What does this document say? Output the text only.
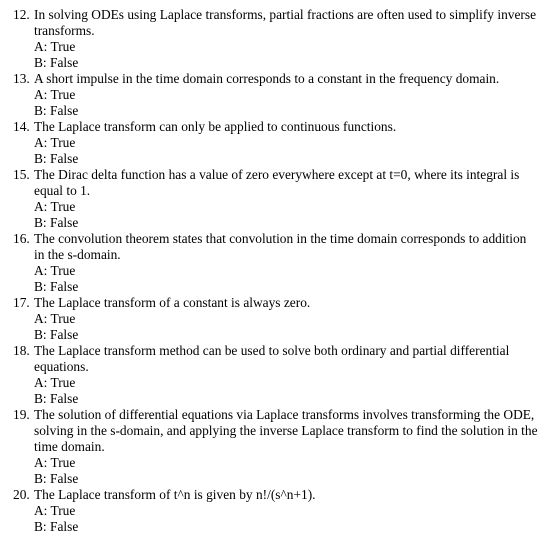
12. In solving ODEs using Laplace transforms, partial fractions are often used to simplify inverse transforms.
A: True
B: False
13. A short impulse in the time domain corresponds to a constant in the frequency domain.
A: True
B: False
14. The Laplace transform can only be applied to continuous functions.
A: True
B: False
15. The Dirac delta function has a value of zero everywhere except at t=0, where its integral is equal to 1.
A: True
B: False
16. The convolution theorem states that convolution in the time domain corresponds to addition in the s-domain.
A: True
B: False
17. The Laplace transform of a constant is always zero.
A: True
B: False
18. The Laplace transform method can be used to solve both ordinary and partial differential equations.
A: True
B: False
19. The solution of differential equations via Laplace transforms involves transforming the ODE, solving in the s-domain, and applying the inverse Laplace transform to find the solution in the time domain.
A: True
B: False
20. The Laplace transform of t^n is given by n!/(s^n+1).
A: True
B: False
